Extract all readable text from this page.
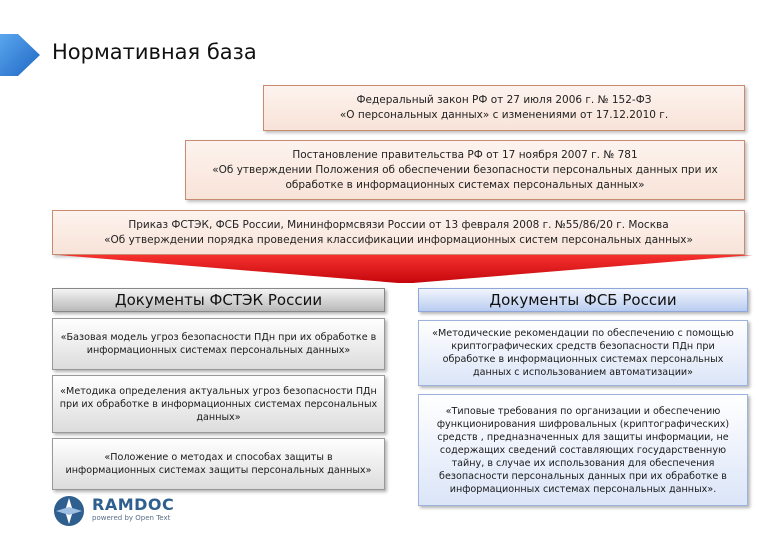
Нормативная база
Федеральный закон РФ от 27 июля 2006 г. № 152-ФЗ
«О персональных данных» с изменениями от 17.12.2010 г.
Постановление правительства РФ от 17 ноября 2007 г. № 781
«Об утверждении Положения об обеспечении безопасности персональных данных при их обработке в информационных системах персональных данных»
Приказ ФСТЭК, ФСБ России, Мининформсвязи России от 13 февраля 2008 г. №55/86/20 г. Москва
«Об утверждении порядка проведения классификации информационных систем персональных данных»
Документы ФСТЭК России
«Базовая модель угроз безопасности ПДн при их обработке в информационных системах персональных данных»
«Методика определения актуальных угроз безопасности ПДн при их обработке в информационных системах персональных данных»
«Положение о методах и способах защиты в информационных системах защиты персональных данных»
Документы ФСБ России
«Методические рекомендации по обеспечению с помощью криптографических средств безопасности ПДн при обработке в информационных системах персональных данных с использованием автоматизации»
«Типовые требования по организации и обеспечению функционирования шифровальных (криптографических) средств , предназначенных для защиты информации, не содержащих сведений составляющих государственную тайну, в случае их использования для обеспечения безопасности персональных данных при их обработке в информационных системах персональных данных».
RAMDOC
powered by Open Text
